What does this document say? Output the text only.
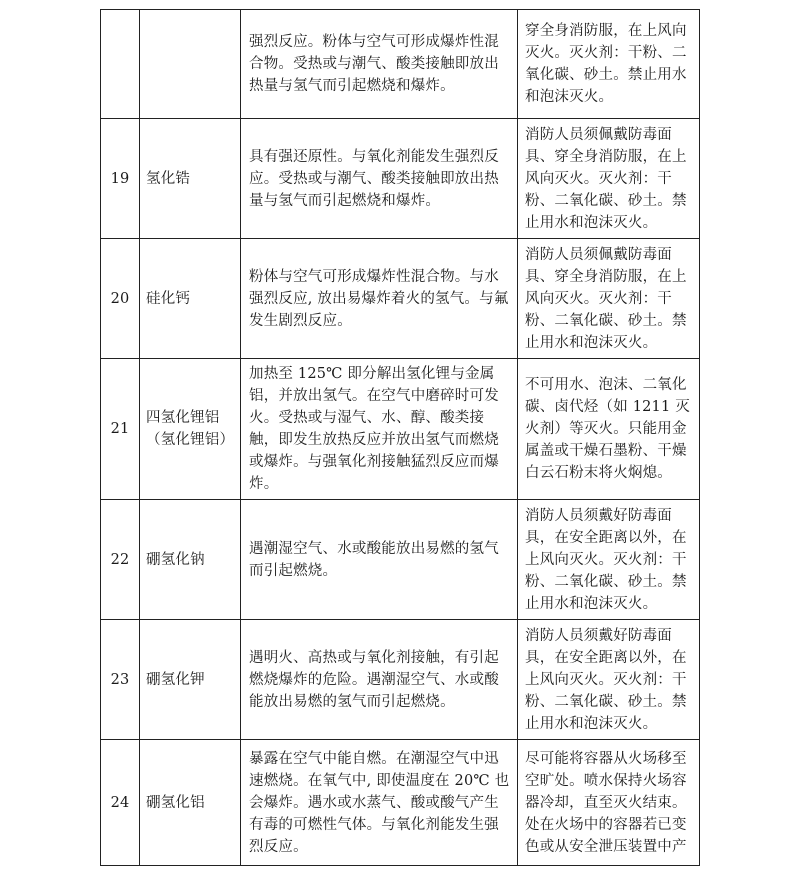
		强烈反应。粉体与空气可形成爆炸性混合物。受热或与潮气、酸类接触即放出热量与氢气而引起燃烧和爆炸。	穿全身消防服，在上风向灭火。灭火剂：干粉、二氧化碳、砂土。禁止用水和泡沫灭火。

19	氢化锆	具有强还原性。与氧化剂能发生强烈反应。受热或与潮气、酸类接触即放出热量与氢气而引起燃烧和爆炸。	消防人员须佩戴防毒面具、穿全身消防服，在上风向灭火。灭火剂：干粉、二氧化碳、砂土。禁止用水和泡沫灭火。

20	硅化钙	粉体与空气可形成爆炸性混合物。与水强烈反应, 放出易爆炸着火的氢气。与氟发生剧烈反应。	消防人员须佩戴防毒面具、穿全身消防服，在上风向灭火。灭火剂：干粉、二氧化碳、砂土。禁止用水和泡沫灭火。

21	四氢化锂铝（氢化锂铝）	加热至 125℃ 即分解出氢化锂与金属铝，并放出氢气。在空气中磨碎时可发火。受热或与湿气、水、醇、酸类接触，即发生放热反应并放出氢气而燃烧或爆炸。与强氧化剂接触猛烈反应而爆炸。	不可用水、泡沫、二氧化碳、卤代烃（如 1211 灭火剂）等灭火。只能用金属盖或干燥石墨粉、干燥白云石粉末将火焖熄。

22	硼氢化钠	遇潮湿空气、水或酸能放出易燃的氢气而引起燃烧。	消防人员须戴好防毒面具，在安全距离以外，在上风向灭火。灭火剂：干粉、二氧化碳、砂土。禁止用水和泡沫灭火。

23	硼氢化钾	遇明火、高热或与氧化剂接触，有引起燃烧爆炸的危险。遇潮湿空气、水或酸能放出易燃的氢气而引起燃烧。	消防人员须戴好防毒面具，在安全距离以外，在上风向灭火。灭火剂：干粉、二氧化碳、砂土。禁止用水和泡沫灭火。

24	硼氢化铝	暴露在空气中能自燃。在潮湿空气中迅速燃烧。在氧气中, 即使温度在 20℃ 也会爆炸。遇水或水蒸气、酸或酸气产生有毒的可燃性气体。与氧化剂能发生强烈反应。	尽可能将容器从火场移至空旷处。喷水保持火场容器冷却，直至灭火结束。处在火场中的容器若已变色或从安全泄压装置中产
